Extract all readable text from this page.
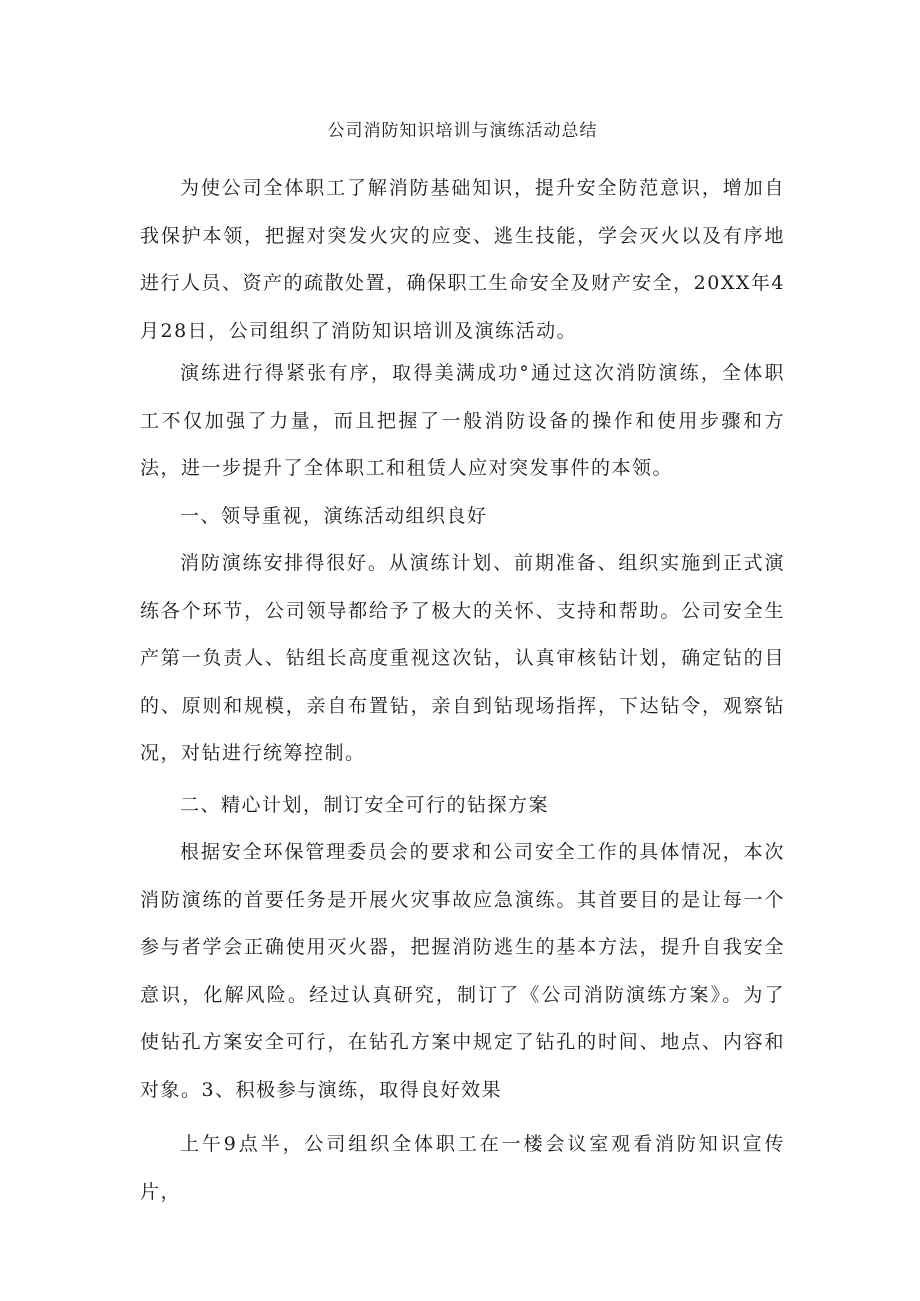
公司消防知识培训与演练活动总结

为使公司全体职工了解消防基础知识，提升安全防范意识，增加自我保护本领，把握对突发火灾的应变、逃生技能，学会灭火以及有序地进行人员、资产的疏散处置，确保职工生命安全及财产安全，20XX年4月28日，公司组织了消防知识培训及演练活动。

演练进行得紧张有序，取得美满成功°通过这次消防演练，全体职工不仅加强了力量，而且把握了一般消防设备的操作和使用步骤和方法，进一步提升了全体职工和租赁人应对突发事件的本领。

一、领导重视，演练活动组织良好

消防演练安排得很好。从演练计划、前期准备、组织实施到正式演练各个环节，公司领导都给予了极大的关怀、支持和帮助。公司安全生产第一负责人、钻组长高度重视这次钻，认真审核钻计划，确定钻的目的、原则和规模，亲自布置钻，亲自到钻现场指挥，下达钻令，观察钻况，对钻进行统筹控制。

二、精心计划，制订安全可行的钻探方案

根据安全环保管理委员会的要求和公司安全工作的具体情况，本次消防演练的首要任务是开展火灾事故应急演练。其首要目的是让每一个参与者学会正确使用灭火器，把握消防逃生的基本方法，提升自我安全意识，化解风险。经过认真研究，制订了《公司消防演练方案》。为了使钻孔方案安全可行，在钻孔方案中规定了钻孔的时间、地点、内容和对象。3、积极参与演练，取得良好效果

上午9点半，公司组织全体职工在一楼会议室观看消防知识宣传片，
